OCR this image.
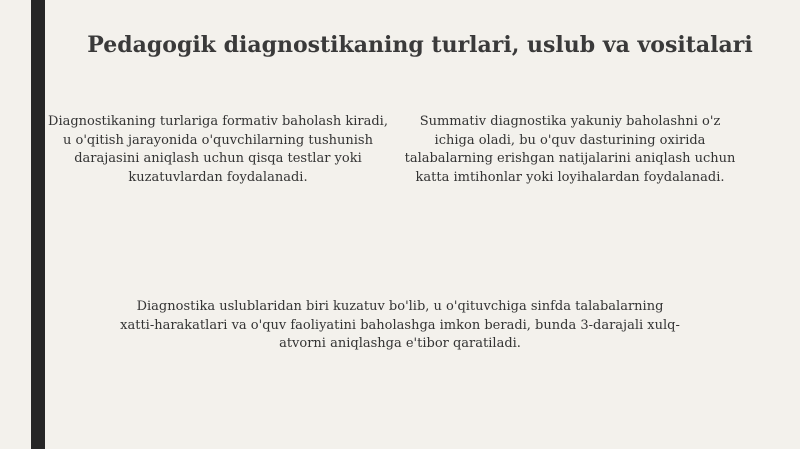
Pedagogik diagnostikaning turlari, uslub va vositalari

Diagnostikaning turlariga formativ baholash kiradi, u o'qitish jarayonida o'quvchilarning tushunish darajasini aniqlash uchun qisqa testlar yoki kuzatuvlardan foydalanadi.

Summativ diagnostika yakuniy baholashni o'z ichiga oladi, bu o'quv dasturining oxirida talabalarning erishgan natijalarini aniqlash uchun katta imtihonlar yoki loyihalardan foydalanadi.

Diagnostika uslublaridan biri kuzatuv bo'lib, u o'qituvchiga sinfda talabalarning xatti-harakatlari va o'quv faoliyatini baholashga imkon beradi, bunda 3-darajali xulq-atvorni aniqlashga e'tibor qaratiladi.
